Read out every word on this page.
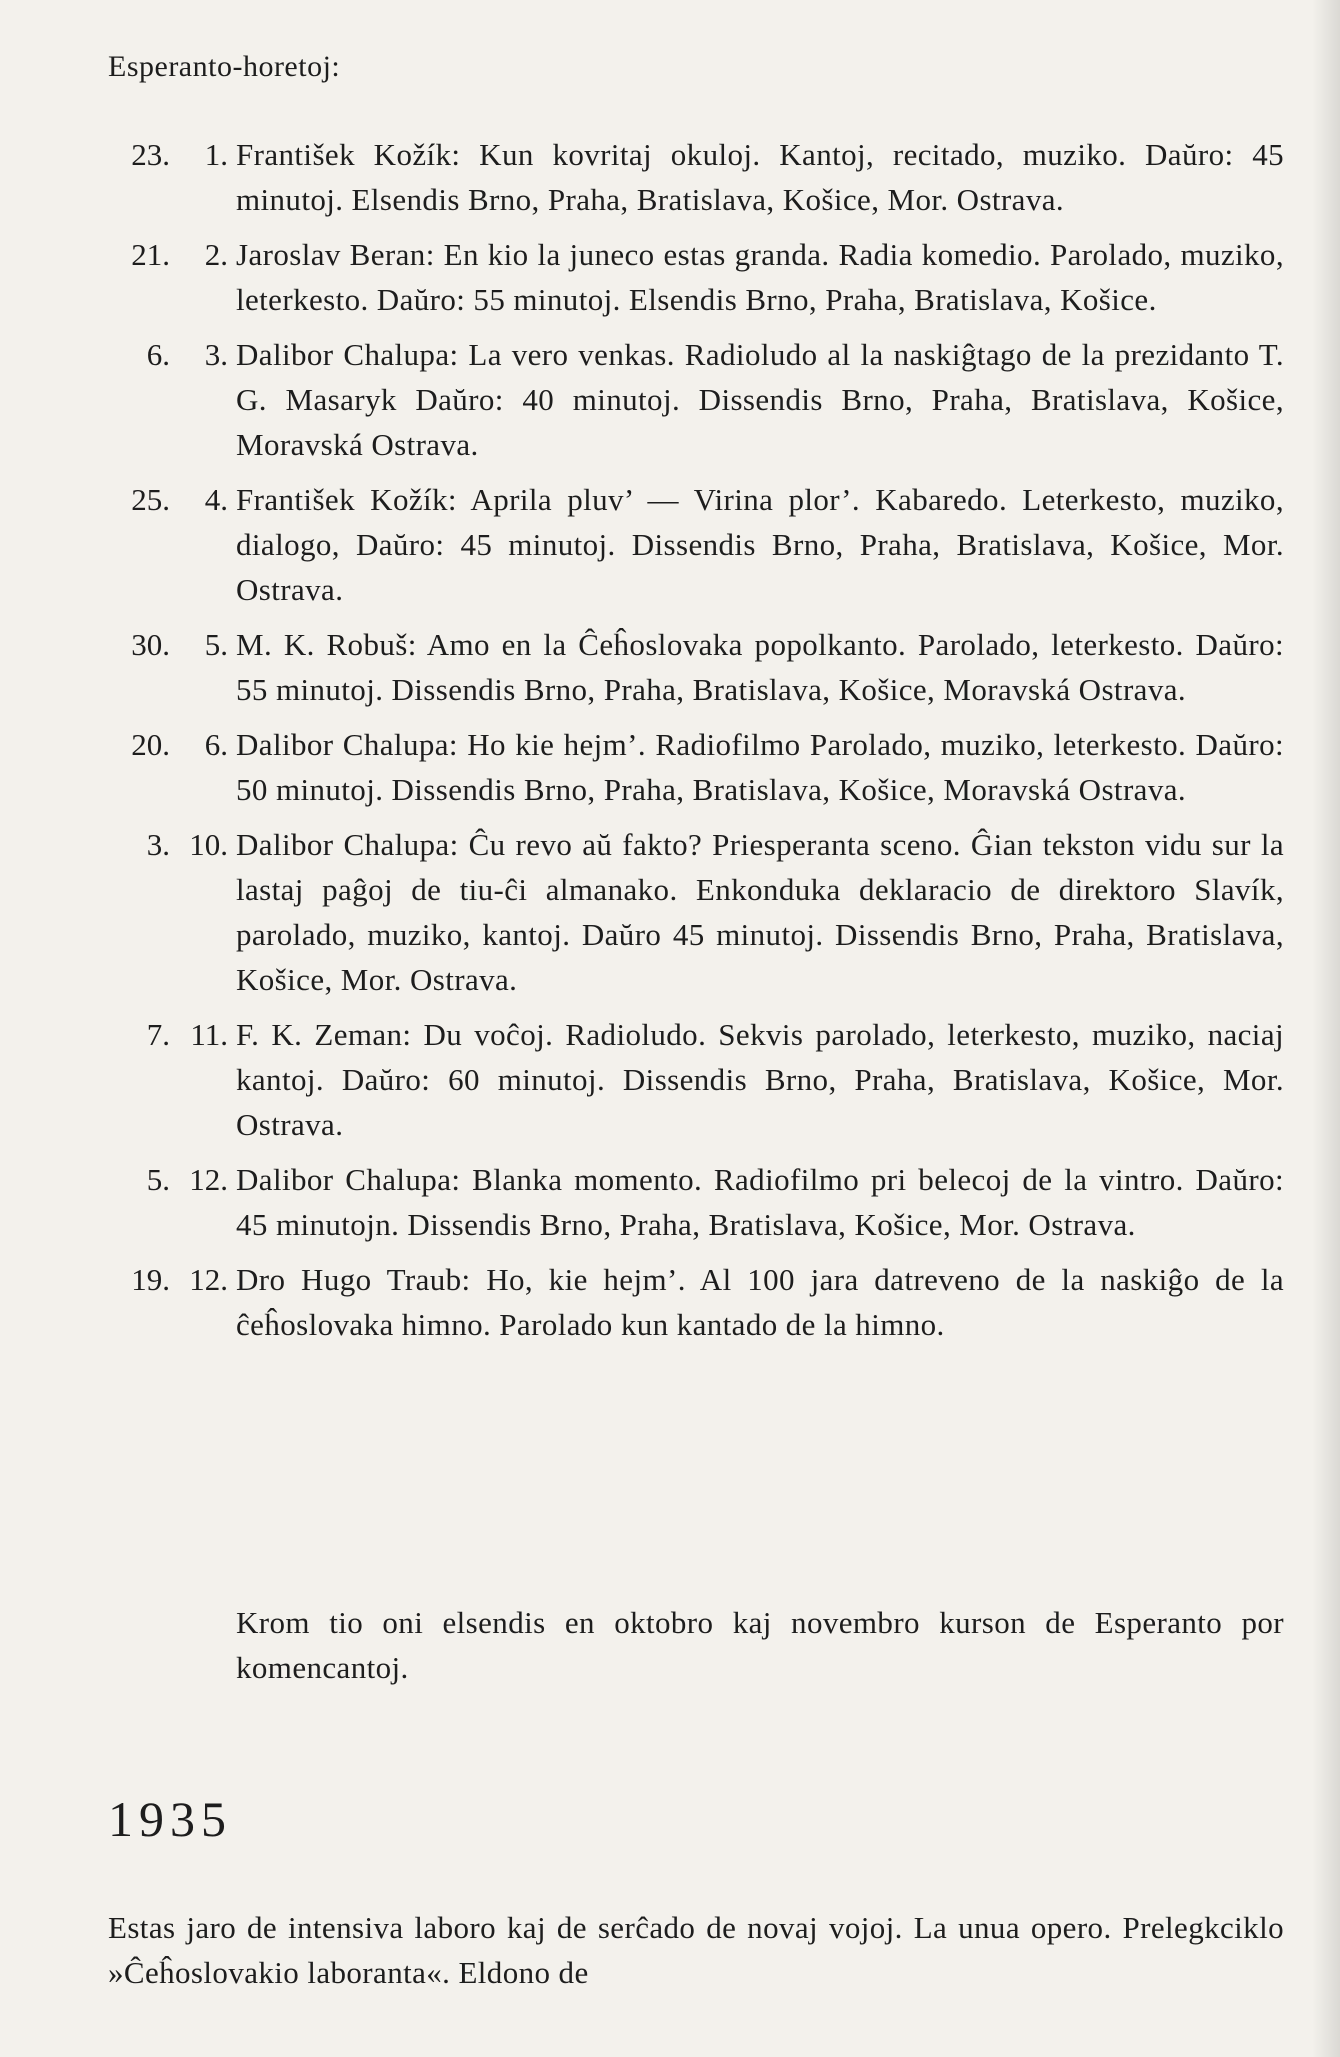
Esperanto-horetoj:
23.	1. František Kožík: Kun kovritaj okuloj. Kantoj, recitado, muziko. Daŭro: 45 minutoj. Elsendis Brno, Praha, Bratislava, Košice, Mor. Ostrava.
21.	2. Jaroslav Beran: En kio la juneco estas granda. Radia komedio. Parolado, muziko, leterkesto. Daŭro: 55 minutoj. Elsendis Brno, Praha, Bratislava, Košice.
6.	3. Dalibor Chalupa: La vero venkas. Radioludo al la naskiĝtago de la prezidanto T. G. Masaryk Daŭro: 40 minutoj. Dissendis Brno, Praha, Bratislava, Košice, Moravská Ostrava.
25.	4. František Kožík: Aprila pluv’ — Virina plor’. Kabaredo. Leterkesto, muziko, dialogo, Daŭro: 45 minutoj. Dissendis Brno, Praha, Bratislava, Košice, Mor. Ostrava.
30.	5. M. K. Robuš: Amo en la Ĉeĥoslovaka popolkanto. Parolado, leterkesto. Daŭro: 55 minutoj. Dissendis Brno, Praha, Bratislava, Košice, Moravská Ostrava.
20.	6. Dalibor Chalupa: Ho kie hejm’. Radiofilmo Parolado, muziko, leterkesto. Daŭro: 50 minutoj. Dissendis Brno, Praha, Bratislava, Košice, Moravská Ostrava.
3. 10. Dalibor Chalupa: Ĉu revo aŭ fakto? Priesperanta sceno. Ĝian tekston vidu sur la lastaj paĝoj de tiu-ĉi almanako. Enkonduka deklaracio de direktoro Slavík, parolado, muziko, kantoj. Daŭro 45 minutoj. Dissendis Brno, Praha, Bratislava, Košice, Mor. Ostrava.
7. 11. F. K. Zeman: Du voĉoj. Radioludo. Sekvis parolado, leterkesto, muziko, naciaj kantoj. Daŭro: 60 minutoj. Dissendis Brno, Praha, Bratislava, Košice, Mor. Ostrava.
5. 12. Dalibor Chalupa: Blanka momento. Radiofilmo pri belecoj de la vintro. Daŭro: 45 minutojn. Dissendis Brno, Praha, Bratislava, Košice, Mor. Ostrava.
19. 12. Dro Hugo Traub: Ho, kie hejm’. Al 100 jara datreveno de la naskiĝo de la ĉeĥoslovaka himno. Parolado kun kantado de la himno.
Krom tio oni elsendis en oktobro kaj novembro kurson de Esperanto por komencantoj.
1935
Estas jaro de intensiva laboro kaj de serĉado de novaj vojoj. La unua opero. Prelegkciklo »Ĉeĥoslovakio laboranta«. Eldono de
